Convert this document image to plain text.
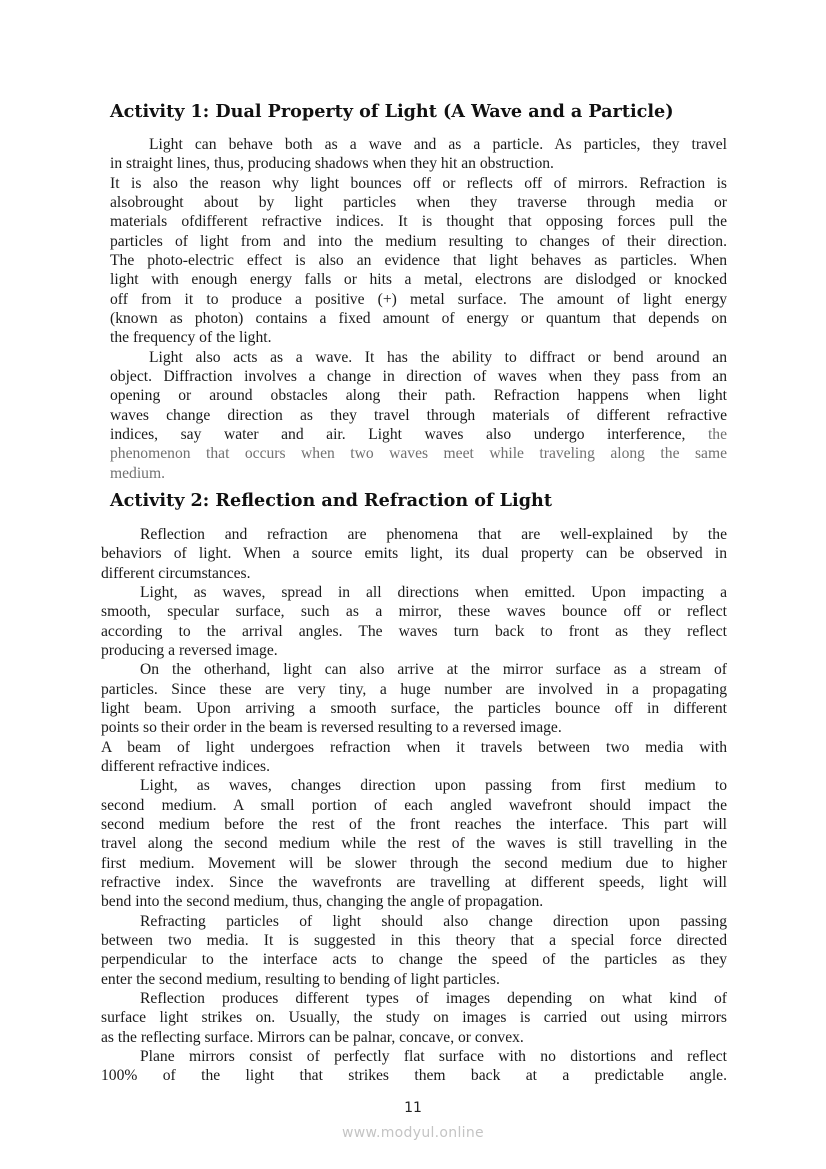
Activity 1: Dual Property of Light (A Wave and a Particle)
Light can behave both as a wave and as a particle. As particles, they travel
in straight lines, thus, producing shadows when they hit an obstruction.
It is also the reason why light bounces off or reflects off of mirrors. Refraction is
alsobrought about by light particles when they traverse through media or
materials ofdifferent refractive indices. It is thought that opposing forces pull the
particles of light from and into the medium resulting to changes of their direction.
The photo-electric effect is also an evidence that light behaves as particles. When
light with enough energy falls or hits a metal, electrons are dislodged or knocked
off from it to produce a positive (+) metal surface. The amount of light energy
(known as photon) contains a fixed amount of energy or quantum that depends on
the frequency of the light.
Light also acts as a wave. It has the ability to diffract or bend around an
object. Diffraction involves a change in direction of waves when they pass from an
opening or around obstacles along their path. Refraction happens when light
waves change direction as they travel through materials of different refractive
indices, say water and air. Light waves also undergo interference, the
phenomenon that occurs when two waves meet while traveling along the same
medium.
Activity 2: Reflection and Refraction of Light
Reflection and refraction are phenomena that are well-explained by the
behaviors of light. When a source emits light, its dual property can be observed in
different circumstances.
Light, as waves, spread in all directions when emitted. Upon impacting a
smooth, specular surface, such as a mirror, these waves bounce off or reflect
according to the arrival angles. The waves turn back to front as they reflect
producing a reversed image.
On the otherhand, light can also arrive at the mirror surface as a stream of
particles. Since these are very tiny, a huge number are involved in a propagating
light beam. Upon arriving a smooth surface, the particles bounce off in different
points so their order in the beam is reversed resulting to a reversed image.
A beam of light undergoes refraction when it travels between two media with
different refractive indices.
Light, as waves, changes direction upon passing from first medium to
second medium. A small portion of each angled wavefront should impact the
second medium before the rest of the front reaches the interface. This part will
travel along the second medium while the rest of the waves is still travelling in the
first medium. Movement will be slower through the second medium due to higher
refractive index. Since the wavefronts are travelling at different speeds, light will
bend into the second medium, thus, changing the angle of propagation.
Refracting particles of light should also change direction upon passing
between two media. It is suggested in this theory that a special force directed
perpendicular to the interface acts to change the speed of the particles as they
enter the second medium, resulting to bending of light particles.
Reflection produces different types of images depending on what kind of
surface light strikes on. Usually, the study on images is carried out using mirrors
as the reflecting surface. Mirrors can be palnar, concave, or convex.
Plane mirrors consist of perfectly flat surface with no distortions and reflect
100% of the light that strikes them back at a predictable angle.
11
www.modyul.online
